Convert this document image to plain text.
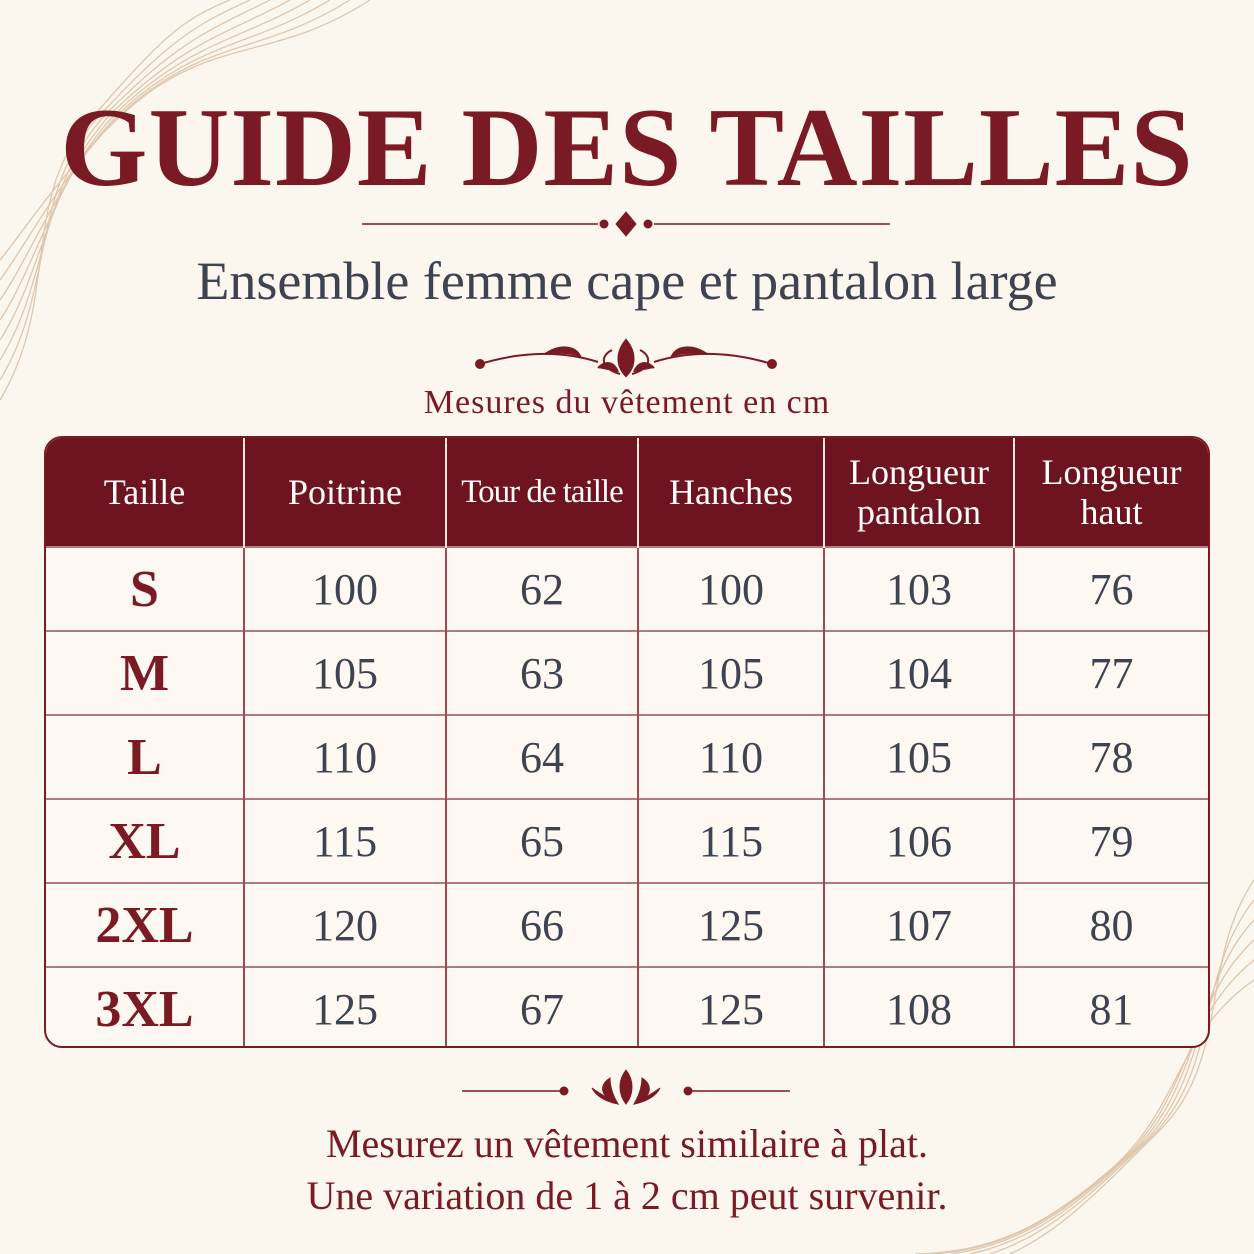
GUIDE DES TAILLES
Ensemble femme cape et pantalon large
Mesures du vêtement en cm
Taille	Poitrine	Tour de taille	Hanches	Longueur pantalon	Longueur haut
S	100	62	100	103	76
M	105	63	105	104	77
L	110	64	110	105	78
XL	115	65	115	106	79
2XL	120	66	125	107	80
3XL	125	67	125	108	81
Mesurez un vêtement similaire à plat.
Une variation de 1 à 2 cm peut survenir.
